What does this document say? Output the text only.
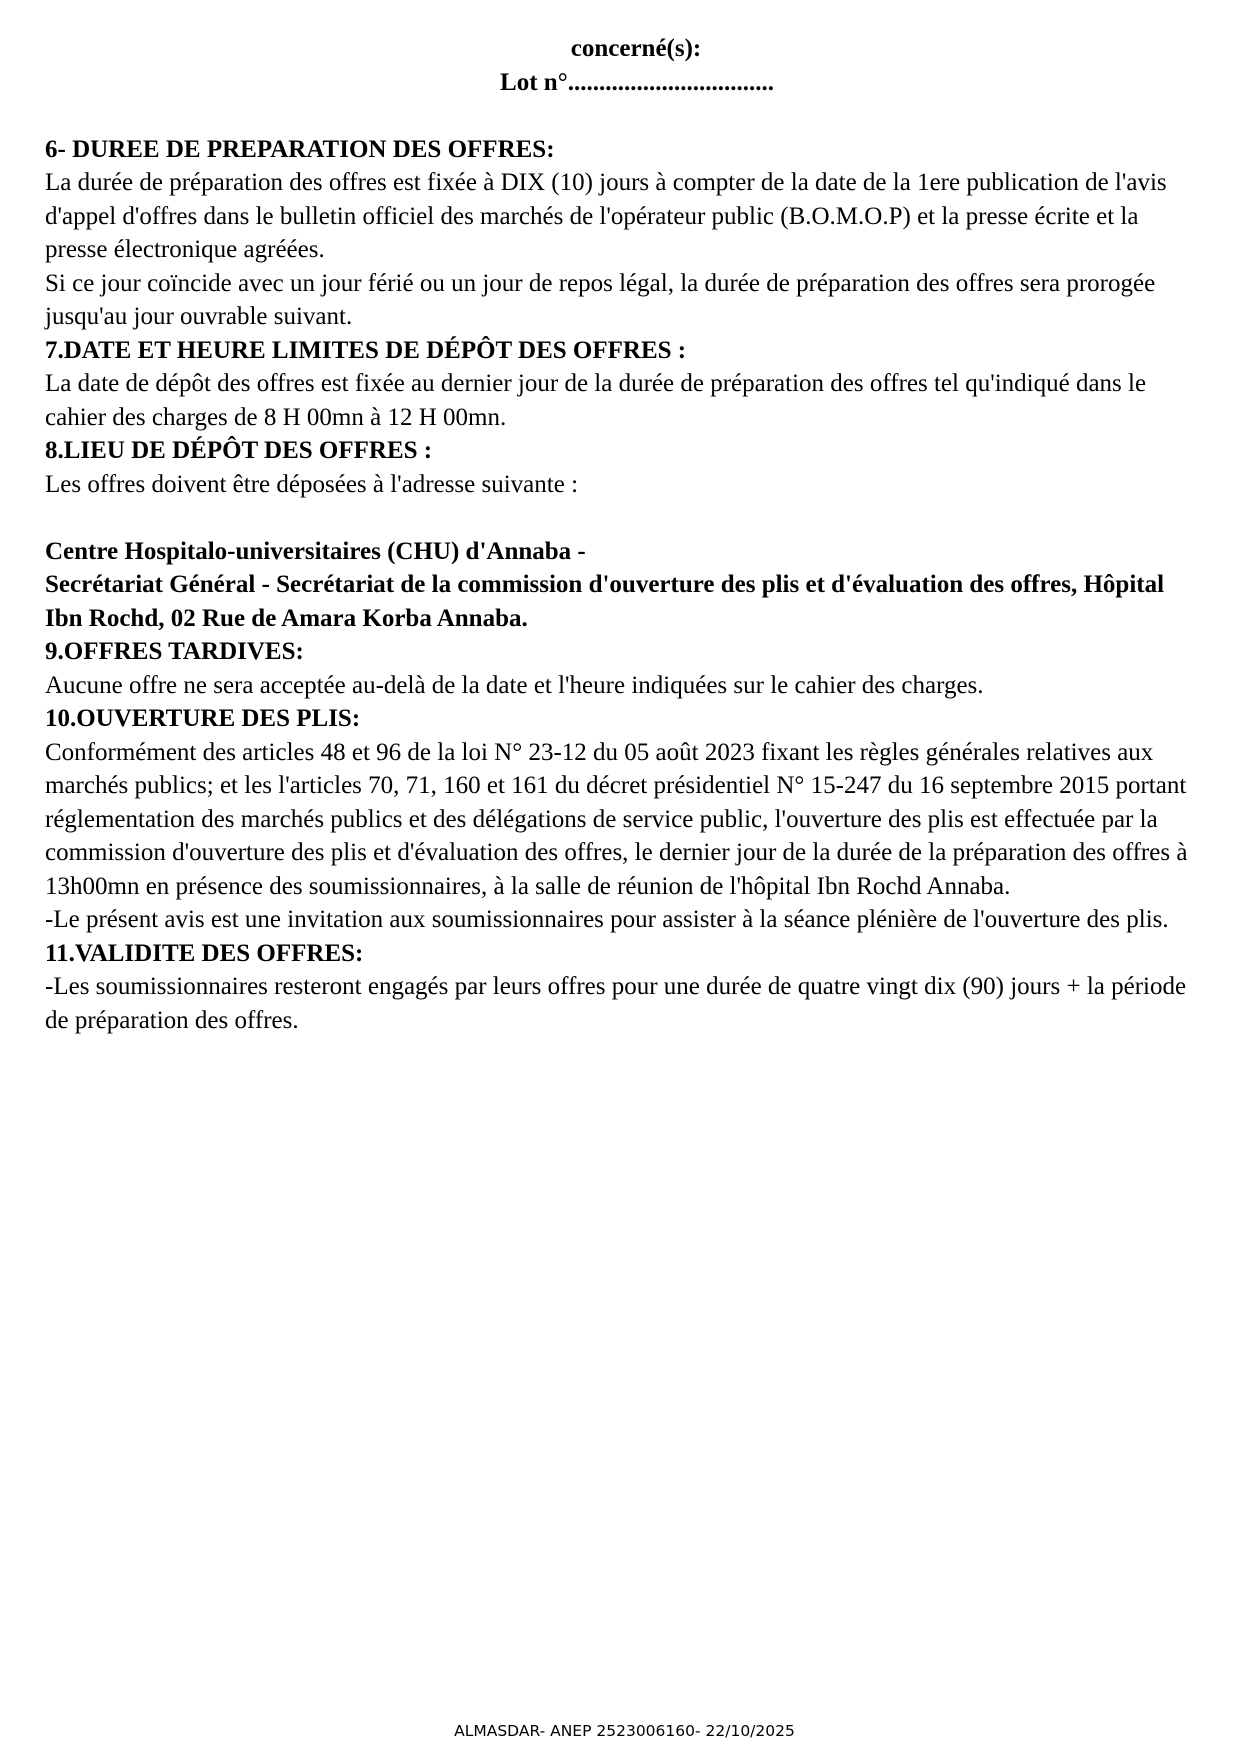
concerné(s):
Lot n°.................................
6- DUREE DE PREPARATION DES OFFRES:

La durée de préparation des offres est fixée à DIX (10) jours à compter de la date de la 1ere publication de l'avis d'appel d'offres dans le bulletin officiel des marchés de l'opérateur public (B.O.M.O.P) et la presse écrite et la presse électronique agréées.

Si ce jour coïncide avec un jour férié ou un jour de repos légal, la durée de préparation des offres sera prorogée jusqu'au jour ouvrable suivant.

7.DATE ET HEURE LIMITES DE DÉPÔT DES OFFRES :

La date de dépôt des offres est fixée au dernier jour de la durée de préparation des offres tel qu'indiqué dans le cahier des charges de 8 H 00mn à 12 H 00mn.

8.LIEU DE DÉPÔT DES OFFRES :

Les offres doivent être déposées à l'adresse suivante :

Centre Hospitalo-universitaires (CHU) d'Annaba -

Secrétariat Général - Secrétariat de la commission d'ouverture des plis et d'évaluation des offres, Hôpital Ibn Rochd, 02 Rue de Amara Korba Annaba.

9.OFFRES TARDIVES:

Aucune offre ne sera acceptée au-delà de la date et l'heure indiquées sur le cahier des charges.

10.OUVERTURE DES PLIS:

Conformément des articles 48 et 96 de la loi N° 23-12 du 05 août 2023 fixant les règles générales relatives aux marchés publics; et les l'articles 70, 71, 160 et 161 du décret présidentiel N° 15-247 du 16 septembre 2015 portant réglementation des marchés publics et des délégations de service public, l'ouverture des plis est effectuée par la commission d'ouverture des plis et d'évaluation des offres, le dernier jour de la durée de la préparation des offres à 13h00mn en présence des soumissionnaires, à la salle de réunion de l'hôpital Ibn Rochd Annaba.

-Le présent avis est une invitation aux soumissionnaires pour assister à la séance plénière de l'ouverture des plis.

11.VALIDITE DES OFFRES:

-Les soumissionnaires resteront engagés par leurs offres pour une durée de quatre vingt dix (90) jours + la période de préparation des offres.

ALMASDAR- ANEP 2523006160- 22/10/2025
